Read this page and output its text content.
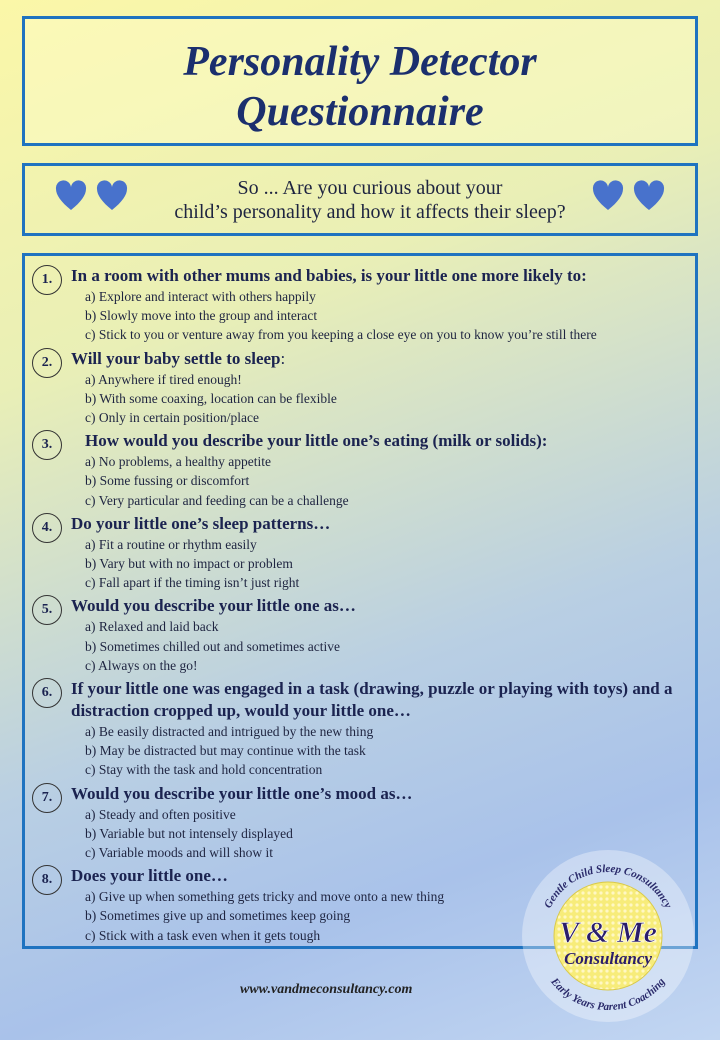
Personality Detector
Questionnaire
So ... Are you curious about your
child’s personality and how it affects their sleep?
1.	In a room with other mums and babies, is your little one more likely to:
a) Explore and interact with others happily
b) Slowly move into the group and interact
c) Stick to you or venture away from you keeping a close eye on you to know you’re still there
2.	Will your baby settle to sleep:
a) Anywhere if tired enough!
b) With some coaxing, location can be flexible
c) Only in certain position/place
3.	How would you describe your little one’s eating (milk or solids):
a) No problems, a healthy appetite
b) Some fussing or discomfort
c) Very particular and feeding can be a challenge
4.	Do your little one’s sleep patterns…
a) Fit a routine or rhythm easily
b) Vary but with no impact or problem
c) Fall apart if the timing isn’t just right
5.	Would you describe your little one as…
a) Relaxed and laid back
b) Sometimes chilled out and sometimes active
c) Always on the go!
6.	If your little one was engaged in a task (drawing, puzzle or playing with toys) and a distraction cropped up, would your little one…
a) Be easily distracted and intrigued by the new thing
b) May be distracted but may continue with the task
c) Stay with the task and hold concentration
7.	Would you describe your little one’s mood as…
a) Steady and often positive
b) Variable but not intensely displayed
c) Variable moods and will show it
8.	Does your little one…
a) Give up when something gets tricky and move onto a new thing
b) Sometimes give up and sometimes keep going
c) Stick with a task even when it gets tough
www.vandmeconsultancy.com
Gentle Child Sleep Consultancy
Early Years Parent Coaching
V & Me
Consultancy
